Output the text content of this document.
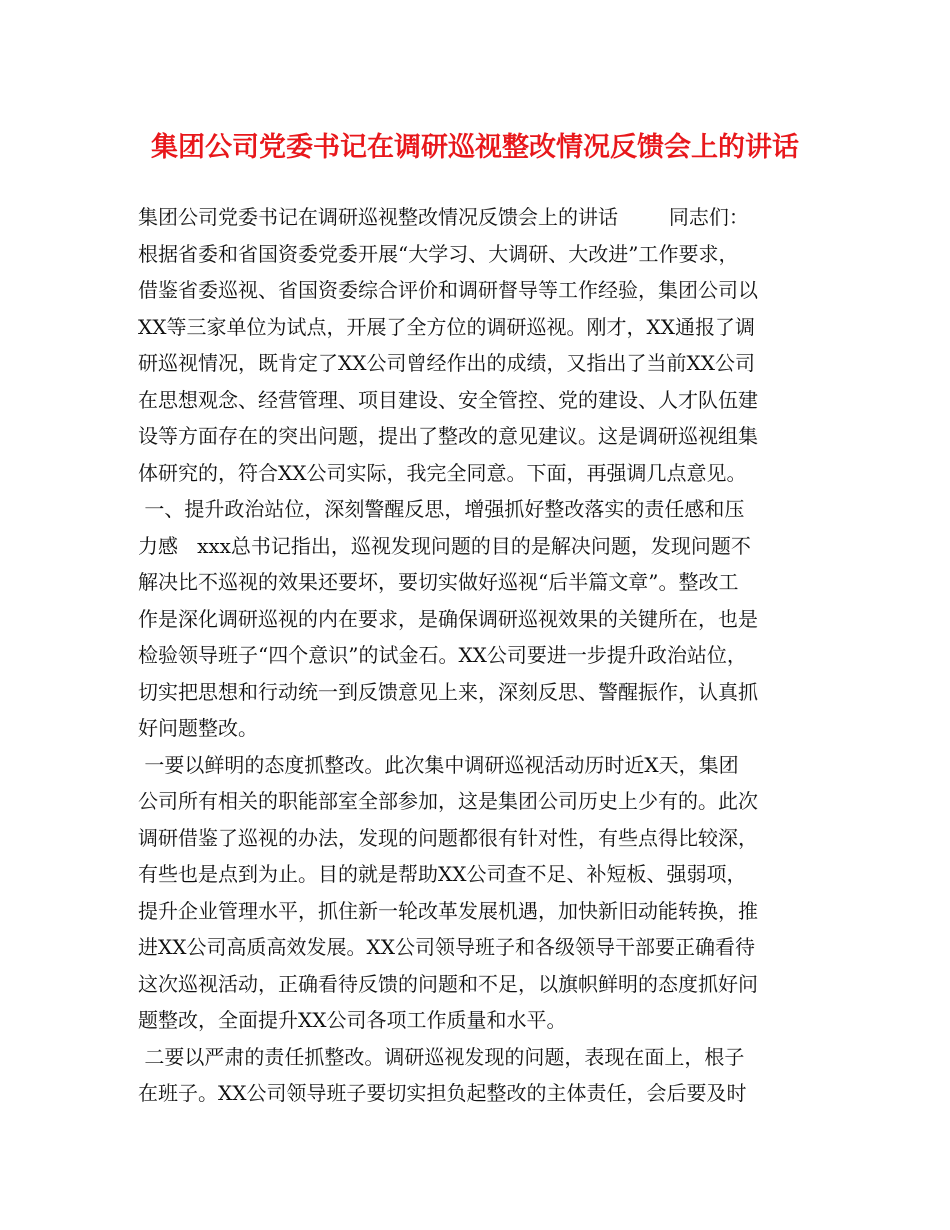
集团公司党委书记在调研巡视整改情况反馈会上的讲话
集团公司党委书记在调研巡视整改情况反馈会上的讲话        同志们：
根据省委和省国资委党委开展“大学习、大调研、大改进”工作要求，
借鉴省委巡视、省国资委综合评价和调研督导等工作经验，集团公司以
XX等三家单位为试点，开展了全方位的调研巡视。刚才，XX通报了调
研巡视情况，既肯定了XX公司曾经作出的成绩，又指出了当前XX公司
在思想观念、经营管理、项目建设、安全管控、党的建设、人才队伍建
设等方面存在的突出问题，提出了整改的意见建议。这是调研巡视组集
体研究的，符合XX公司实际，我完全同意。下面，再强调几点意见。
一、提升政治站位，深刻警醒反思，增强抓好整改落实的责任感和压
力感   xxx总书记指出，巡视发现问题的目的是解决问题，发现问题不
解决比不巡视的效果还要坏，要切实做好巡视“后半篇文章”。整改工
作是深化调研巡视的内在要求，是确保调研巡视效果的关键所在，也是
检验领导班子“四个意识”的试金石。XX公司要进一步提升政治站位，
切实把思想和行动统一到反馈意见上来，深刻反思、警醒振作，认真抓
好问题整改。
一要以鲜明的态度抓整改。此次集中调研巡视活动历时近X天，集团
公司所有相关的职能部室全部参加，这是集团公司历史上少有的。此次
调研借鉴了巡视的办法，发现的问题都很有针对性，有些点得比较深，
有些也是点到为止。目的就是帮助XX公司查不足、补短板、强弱项，
提升企业管理水平，抓住新一轮改革发展机遇，加快新旧动能转换，推
进XX公司高质高效发展。XX公司领导班子和各级领导干部要正确看待
这次巡视活动，正确看待反馈的问题和不足，以旗帜鲜明的态度抓好问
题整改，全面提升XX公司各项工作质量和水平。
二要以严肃的责任抓整改。调研巡视发现的问题，表现在面上，根子
在班子。XX公司领导班子要切实担负起整改的主体责任，会后要及时
